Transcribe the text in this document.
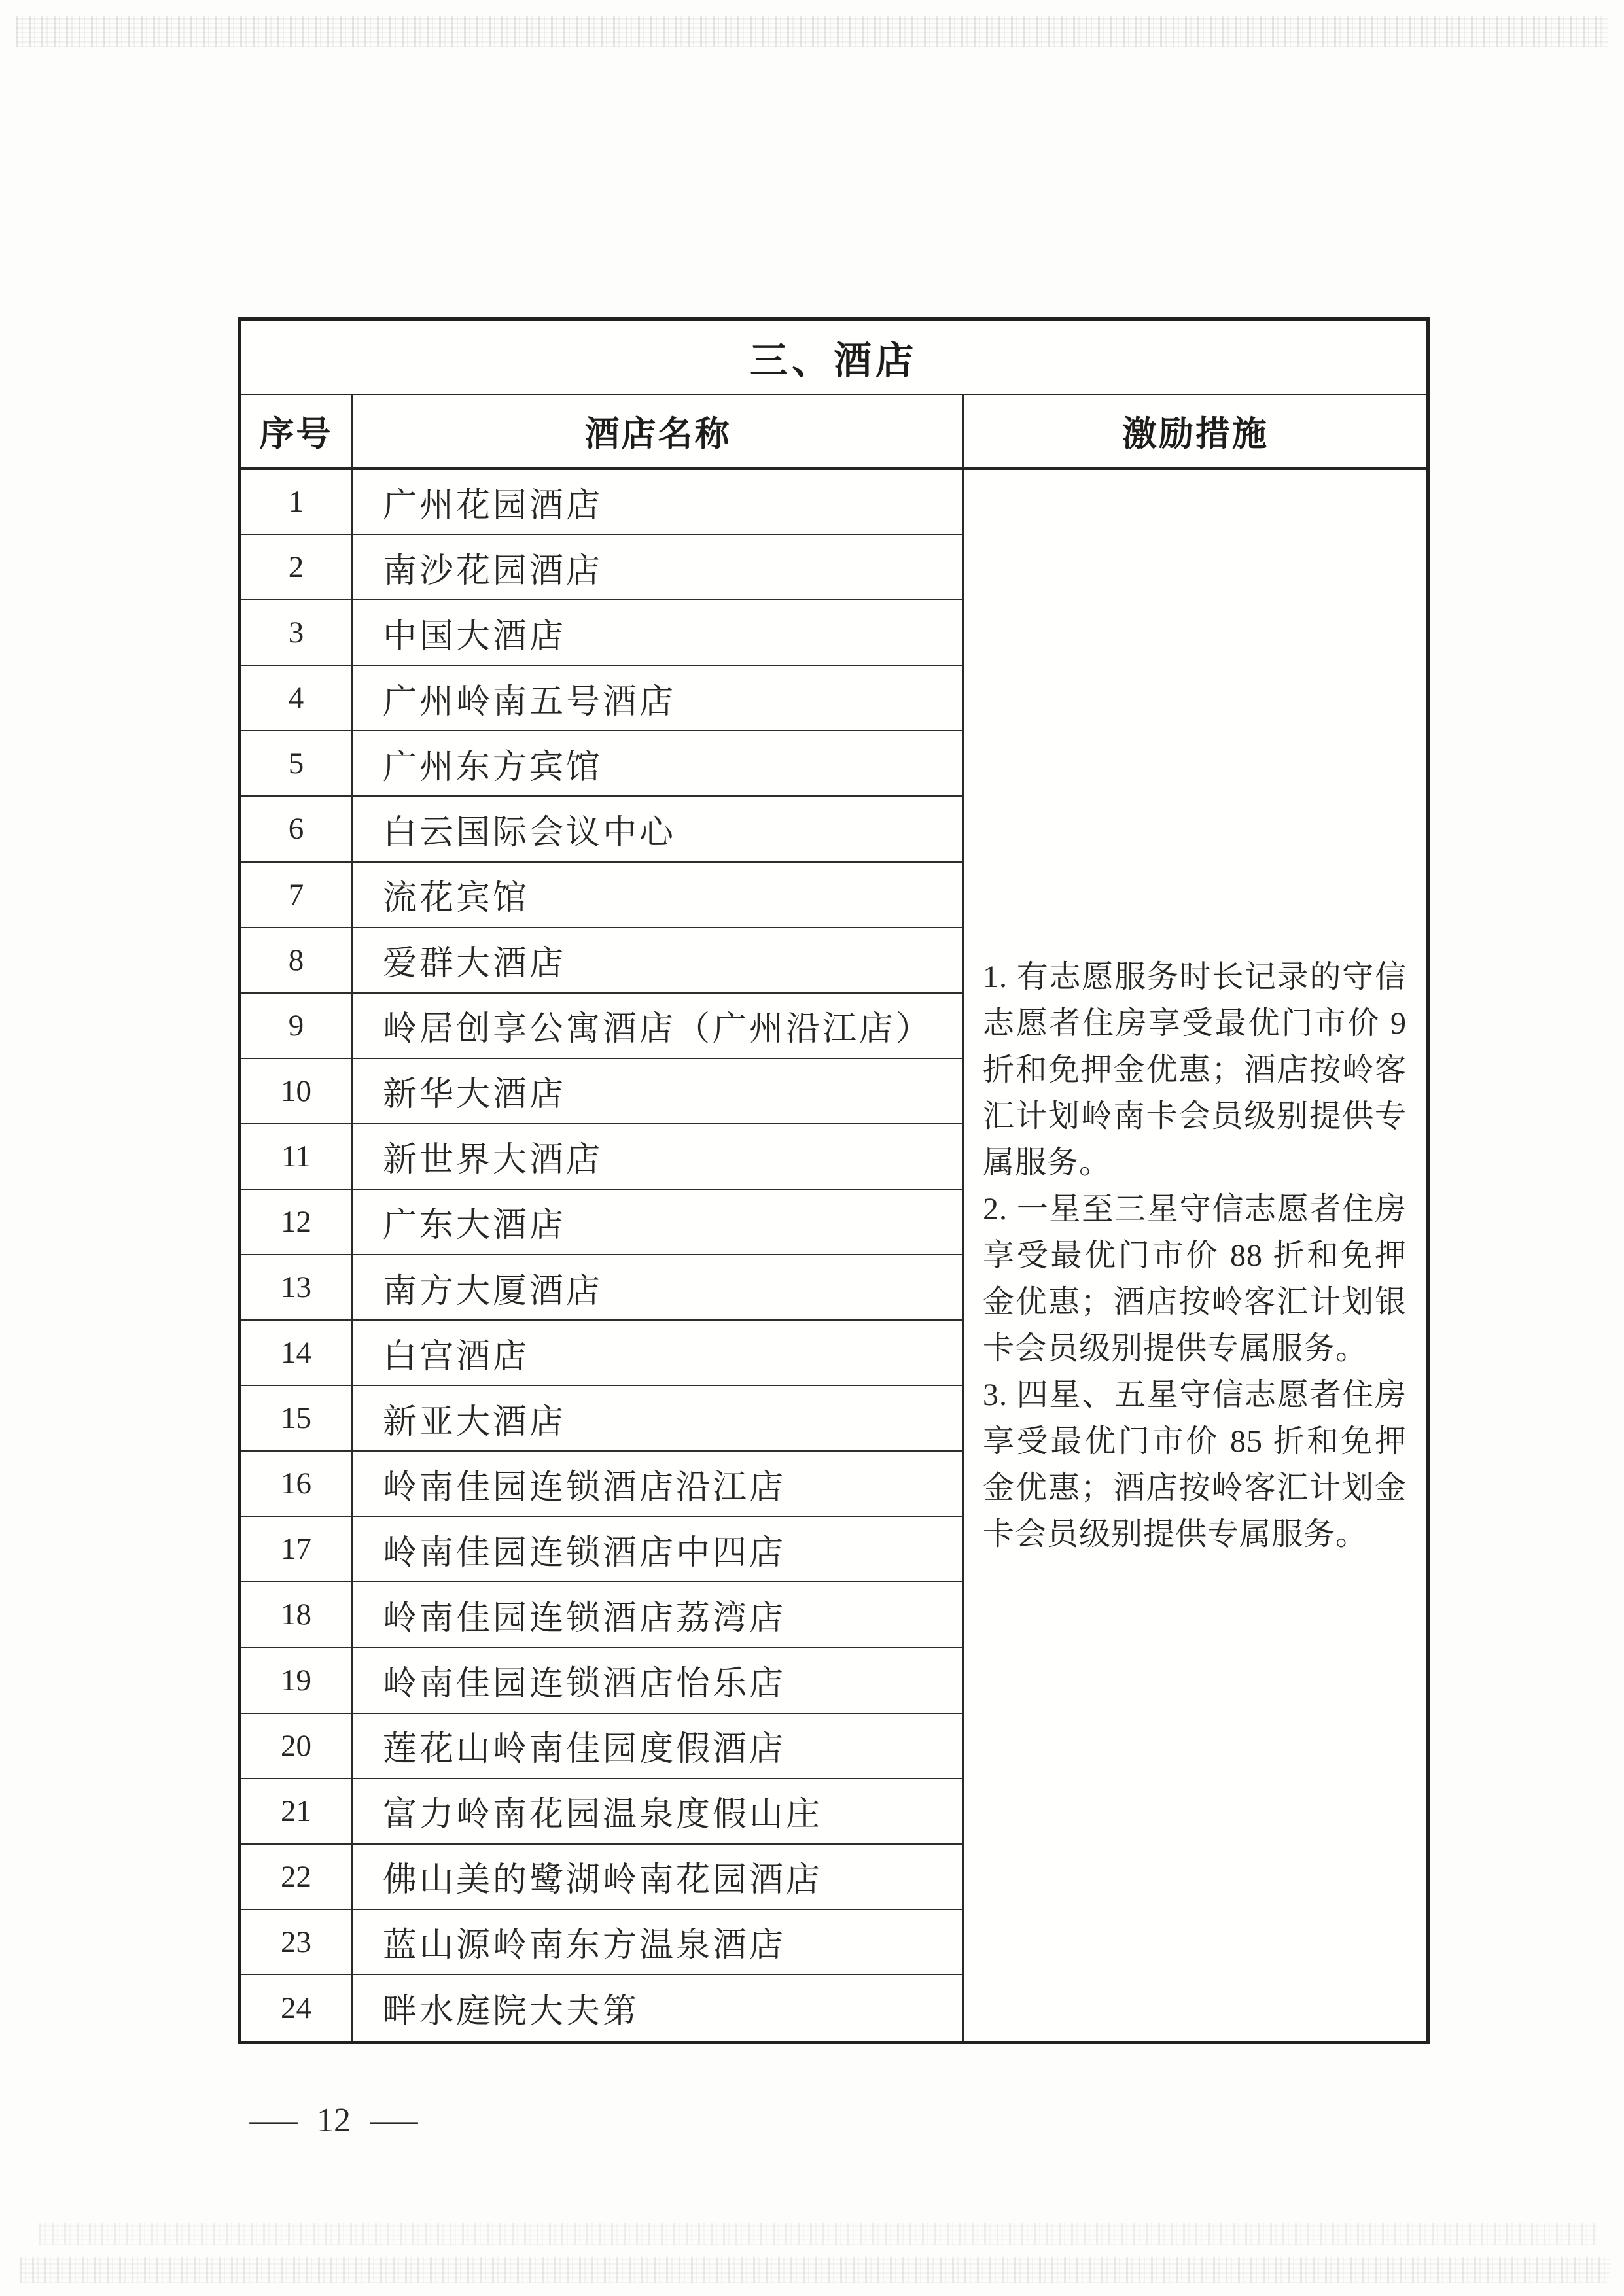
三、酒店
序号	酒店名称	激励措施

1. 有志愿服务时长记录的守信志愿者住房享受最优门市价 9 折和免押金优惠；酒店按岭客汇计划岭南卡会员级别提供专属服务。

2. 一星至三星守信志愿者住房享受最优门市价 88 折和免押金优惠；酒店按岭客汇计划银卡会员级别提供专属服务。

3. 四星、五星守信志愿者住房享受最优门市价 85 折和免押金优惠；酒店按岭客汇计划金卡会员级别提供专属服务。

1	广州花园酒店
2	南沙花园酒店
3	中国大酒店
4	广州岭南五号酒店
5	广州东方宾馆
6	白云国际会议中心
7	流花宾馆
8	爱群大酒店
9	岭居创享公寓酒店（广州沿江店）
10	新华大酒店
11	新世界大酒店
12	广东大酒店
13	南方大厦酒店
14	白宫酒店
15	新亚大酒店
16	岭南佳园连锁酒店沿江店
17	岭南佳园连锁酒店中四店
18	岭南佳园连锁酒店荔湾店
19	岭南佳园连锁酒店怡乐店
20	莲花山岭南佳园度假酒店
21	富力岭南花园温泉度假山庄
22	佛山美的鹭湖岭南花园酒店
23	蓝山源岭南东方温泉酒店
24	畔水庭院大夫第
— 12 —
